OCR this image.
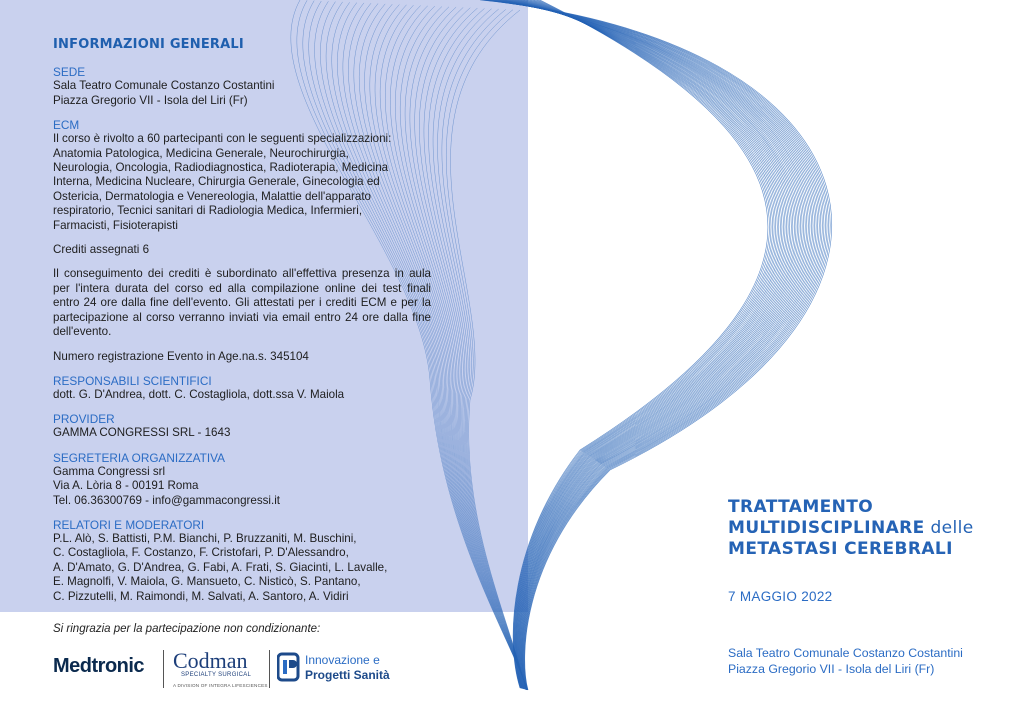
INFORMAZIONI GENERALI
SEDE
Sala Teatro Comunale Costanzo Costantini
Piazza Gregorio VII - Isola del Liri (Fr)
ECM
Il corso è rivolto a 60 partecipanti con le seguenti specializzazioni:
Anatomia Patologica, Medicina Generale, Neurochirurgia,
Neurologia, Oncologia, Radiodiagnostica, Radioterapia, Medicina
Interna, Medicina Nucleare, Chirurgia Generale, Ginecologia ed
Ostericia, Dermatologia e Venereologia, Malattie dell'apparato
respiratorio, Tecnici sanitari di Radiologia Medica, Infermieri,
Farmacisti, Fisioterapisti
Crediti assegnati 6
Il conseguimento dei crediti è subordinato all'effettiva presenza in aula per l'intera durata del corso ed alla compilazione online dei test finali entro 24 ore dalla fine dell'evento. Gli attestati per i crediti ECM e per la partecipazione al corso verranno inviati via email entro 24 ore dalla fine dell'evento.
Numero registrazione Evento in Age.na.s. 345104
RESPONSABILI SCIENTIFICI
dott. G. D'Andrea, dott. C. Costagliola, dott.ssa V. Maiola
PROVIDER
GAMMA CONGRESSI SRL - 1643
SEGRETERIA ORGANIZZATIVA
Gamma Congressi srl
Via A. Lòria 8 - 00191 Roma
Tel. 06.36300769 - info@gammacongressi.it
RELATORI E MODERATORI
P.L. Alò, S. Battisti, P.M. Bianchi, P. Bruzzaniti, M. Buschini,
C. Costagliola, F. Costanzo, F. Cristofari, P. D'Alessandro,
A. D'Amato, G. D'Andrea, G. Fabi, A. Frati, S. Giacinti, L. Lavalle,
E. Magnolfi, V. Maiola, G. Mansueto, C. Nisticò, S. Pantano,
C. Pizzutelli, M. Raimondi, M. Salvati, A. Santoro, A. Vidiri
Si ringrazia per la partecipazione non condizionante:
Medtronic Codman
SPECIALTY SURGICAL
A DIVISION OF INTEGRA LIFESCIENCES
Innovazione e
Progetti Sanità
TRATTAMENTO
MULTIDISCIPLINARE delle
METASTASI CEREBRALI
7 MAGGIO 2022
Sala Teatro Comunale Costanzo Costantini
Piazza Gregorio VII - Isola del Liri (Fr)
